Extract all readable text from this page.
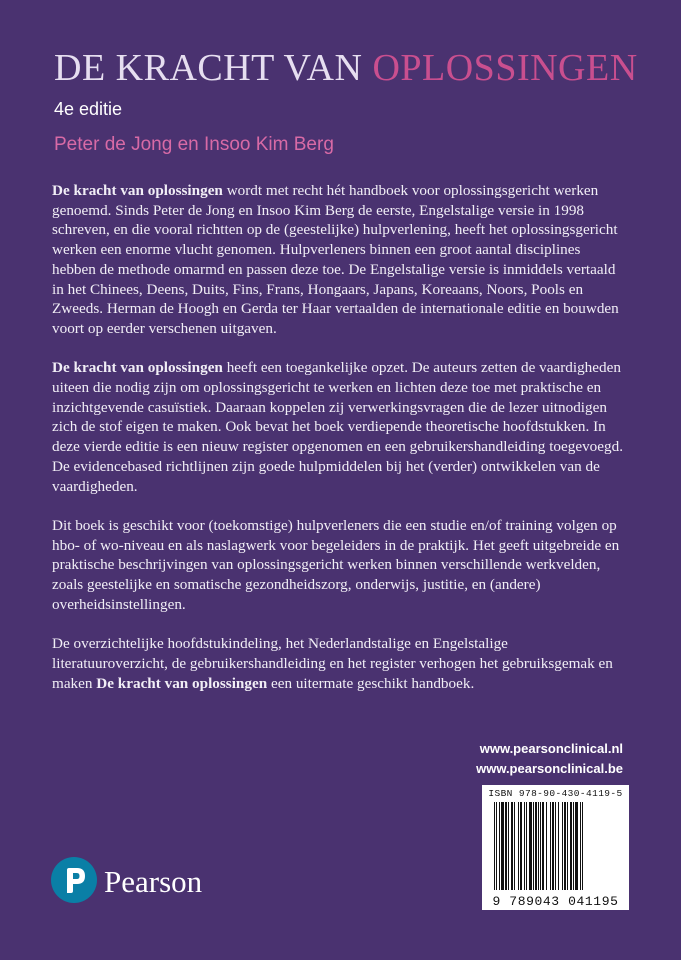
DE KRACHT VAN OPLOSSINGEN
4e editie
Peter de Jong en Insoo Kim Berg

De kracht van oplossingen wordt met recht hét handboek voor oplossingsgericht werken genoemd. Sinds Peter de Jong en Insoo Kim Berg de eerste, Engelstalige versie in 1998 schreven, en die vooral richtten op de (geestelijke) hulpverlening, heeft het oplossingsgericht werken een enorme vlucht genomen. Hulpverleners binnen een groot aantal disciplines hebben de methode omarmd en passen deze toe. De Engelstalige versie is inmiddels vertaald in het Chinees, Deens, Duits, Fins, Frans, Hongaars, Japans, Koreaans, Noors, Pools en Zweeds. Herman de Hoogh en Gerda ter Haar vertaalden de internationale editie en bouwden voort op eerder verschenen uitgaven.

De kracht van oplossingen heeft een toegankelijke opzet. De auteurs zetten de vaardigheden uiteen die nodig zijn om oplossingsgericht te werken en lichten deze toe met praktische en inzichtgevende casuïstiek. Daaraan koppelen zij verwerkingsvragen die de lezer uitnodigen zich de stof eigen te maken. Ook bevat het boek verdiepende theoretische hoofdstukken. In deze vierde editie is een nieuw register opgenomen en een gebruikershandleiding toegevoegd. De evidencebased richtlijnen zijn goede hulpmiddelen bij het (verder) ontwikkelen van de vaardigheden.

Dit boek is geschikt voor (toekomstige) hulpverleners die een studie en/of training volgen op hbo- of wo-niveau en als naslagwerk voor begeleiders in de praktijk. Het geeft uitgebreide en praktische beschrijvingen van oplossingsgericht werken binnen verschillende werkvelden, zoals geestelijke en somatische gezondheidszorg, onderwijs, justitie, en (andere) overheidsinstellingen.

De overzichtelijke hoofdstukindeling, het Nederlandstalige en Engelstalige literatuuroverzicht, de gebruikershandleiding en het register verhogen het gebruiksgemak en maken De kracht van oplossingen een uitermate geschikt handboek.

www.pearsonclinical.nl
www.pearsonclinical.be
ISBN 978-90-430-4119-5
9 789043 041195
Pearson
